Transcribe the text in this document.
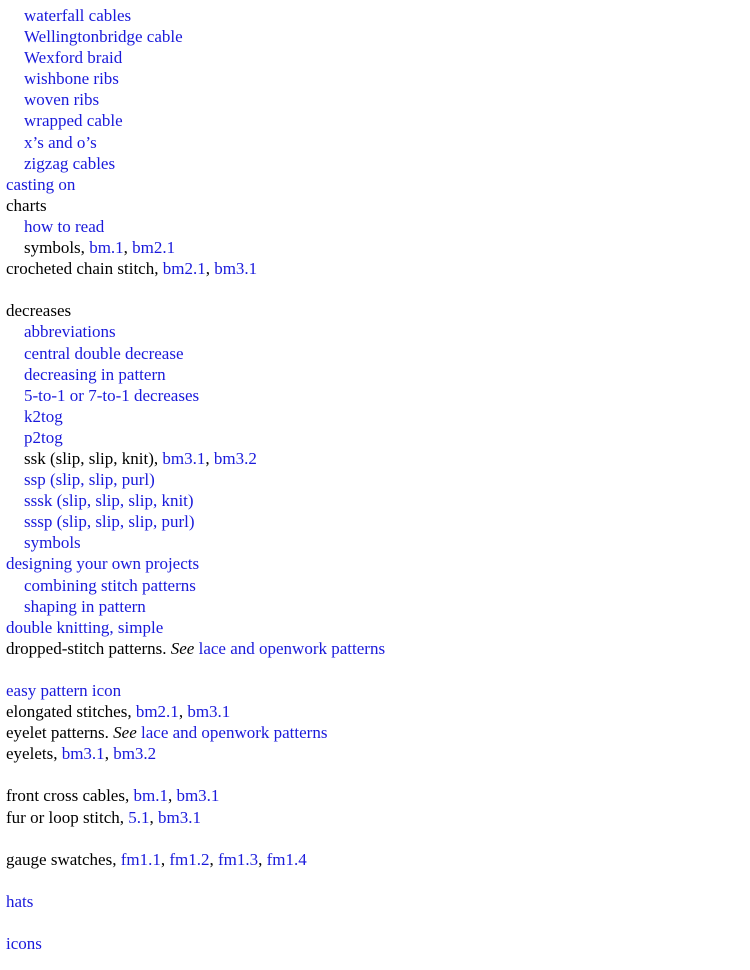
waterfall cables
Wellingtonbridge cable
Wexford braid
wishbone ribs
woven ribs
wrapped cable
x’s and o’s
zigzag cables
casting on
charts
how to read
symbols, bm.1, bm2.1
crocheted chain stitch, bm2.1, bm3.1
decreases
abbreviations
central double decrease
decreasing in pattern
5-to-1 or 7-to-1 decreases
k2tog
p2tog
ssk (slip, slip, knit), bm3.1, bm3.2
ssp (slip, slip, purl)
sssk (slip, slip, slip, knit)
sssp (slip, slip, slip, purl)
symbols
designing your own projects
combining stitch patterns
shaping in pattern
double knitting, simple
dropped-stitch patterns. See lace and openwork patterns
easy pattern icon
elongated stitches, bm2.1, bm3.1
eyelet patterns. See lace and openwork patterns
eyelets, bm3.1, bm3.2
front cross cables, bm.1, bm3.1
fur or loop stitch, 5.1, bm3.1
gauge swatches, fm1.1, fm1.2, fm1.3, fm1.4
hats
icons
